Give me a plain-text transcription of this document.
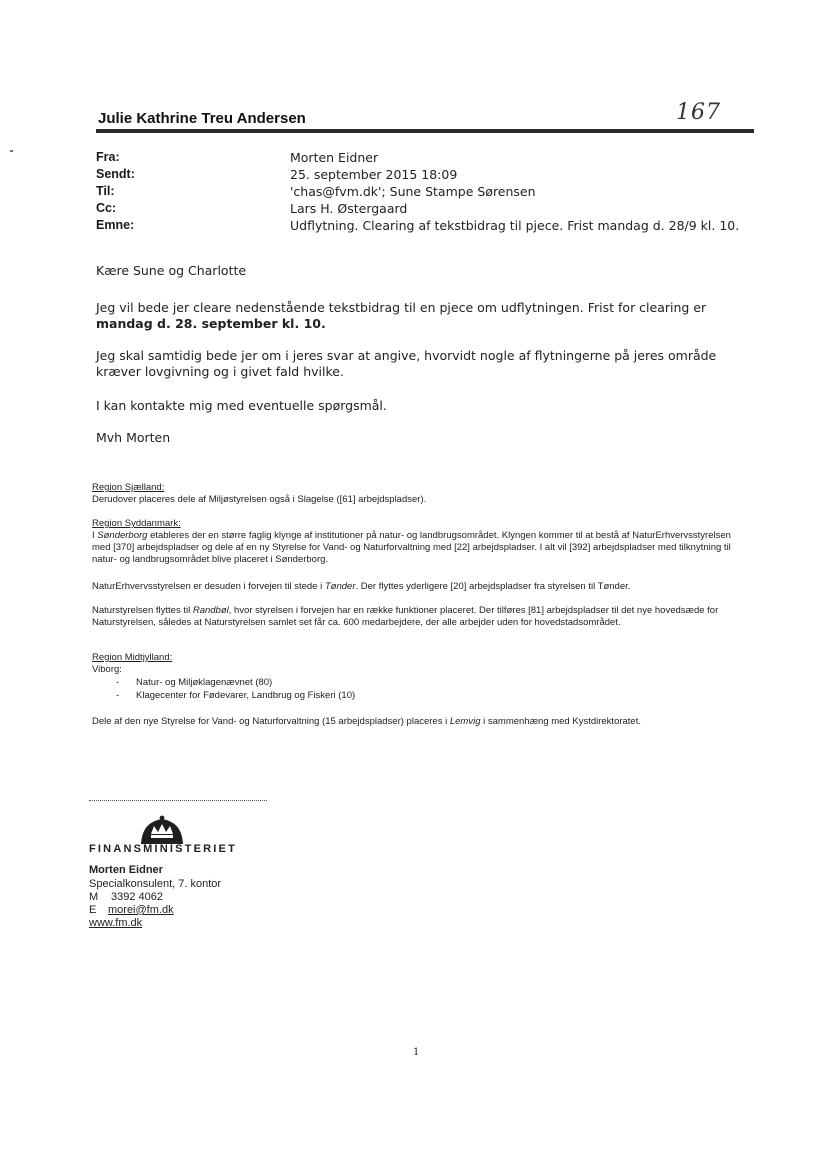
Julie Kathrine Treu Andersen	167
Fra:	Morten Eidner
Sendt:	25. september 2015 18:09
Til:	'chas@fvm.dk'; Sune Stampe Sørensen
Cc:	Lars H. Østergaard
Emne:	Udflytning. Clearing af tekstbidrag til pjece. Frist mandag d. 28/9 kl. 10.
Kære Sune og Charlotte
Jeg vil bede jer cleare nedenstående tekstbidrag til en pjece om udflytningen. Frist for clearing er mandag d. 28. september kl. 10.
Jeg skal samtidig bede jer om i jeres svar at angive, hvorvidt nogle af flytningerne på jeres område kræver lovgivning og i givet fald hvilke.
I kan kontakte mig med eventuelle spørgsmål.
Mvh Morten
Region Sjælland:
Derudover placeres dele af Miljøstyrelsen også i Slagelse ([61] arbejdspladser).
Region Syddanmark:
I Sønderborg etableres der en større faglig klynge af institutioner på natur- og landbrugsområdet. Klyngen kommer til at bestå af NaturErhvervsstyrelsen med [370] arbejdspladser og dele af en ny Styrelse for Vand- og Naturforvaltning med [22] arbejdspladser. I alt vil [392] arbejdspladser med tilknytning til natur- og landbrugsområdet blive placeret i Sønderborg.
NaturErhvervsstyrelsen er desuden i forvejen til stede i Tønder. Der flyttes yderligere [20] arbejdspladser fra styrelsen til Tønder.
Naturstyrelsen flyttes til Randbøl, hvor styrelsen i forvejen har en række funktioner placeret. Der tilføres [81] arbejdspladser til det nye hovedsæde for Naturstyrelsen, således at Naturstyrelsen samlet set får ca. 600 medarbejdere, der alle arbejder uden for hovedstadsområdet.
Region Midtjylland:
Viborg:
- Natur- og Miljøklagenævnet (80)
- Klagecenter for Fødevarer, Landbrug og Fiskeri (10)
Dele af den nye Styrelse for Vand- og Naturforvaltning (15 arbejdspladser) placeres i Lemvig i sammenhæng med Kystdirektoratet.
FINANSMINISTERIET
Morten Eidner
Specialkonsulent, 7. kontor
M 3392 4062
E morei@fm.dk
www.fm.dk
1
